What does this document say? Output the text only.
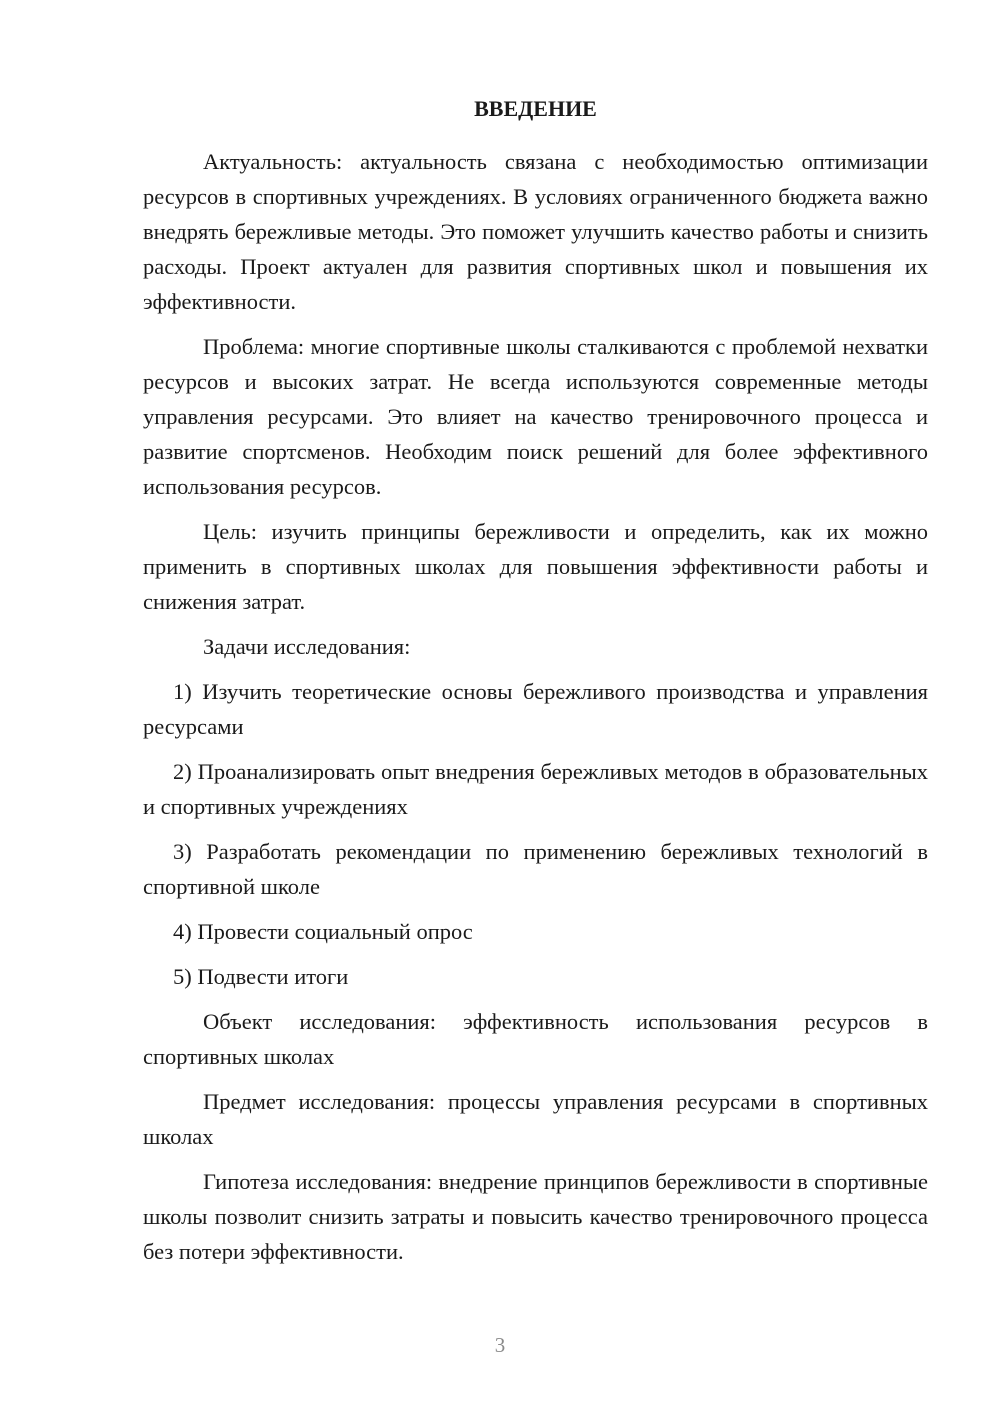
ВВЕДЕНИЕ

Актуальность: актуальность связана с необходимостью оптимизации ресурсов в спортивных учреждениях. В условиях ограниченного бюджета важно внедрять бережливые методы. Это поможет улучшить качество работы и снизить расходы. Проект актуален для развития спортивных школ и повышения их эффективности.

Проблема: многие спортивные школы сталкиваются с проблемой нехватки ресурсов и высоких затрат. Не всегда используются современные методы управления ресурсами. Это влияет на качество тренировочного процесса и развитие спортсменов. Необходим поиск решений для более эффективного использования ресурсов.

Цель: изучить принципы бережливости и определить, как их можно применить в спортивных школах для повышения эффективности работы и снижения затрат.

Задачи исследования:

1) Изучить теоретические основы бережливого производства и управления ресурсами

2) Проанализировать опыт внедрения бережливых методов в образовательных и спортивных учреждениях

3) Разработать рекомендации по применению бережливых технологий в спортивной школе

4) Провести социальный опрос

5) Подвести итоги

Объект исследования: эффективность использования ресурсов в спортивных школах

Предмет исследования: процессы управления ресурсами в спортивных школах

Гипотеза исследования: внедрение принципов бережливости в спортивные школы позволит снизить затраты и повысить качество тренировочного процесса без потери эффективности.

3
